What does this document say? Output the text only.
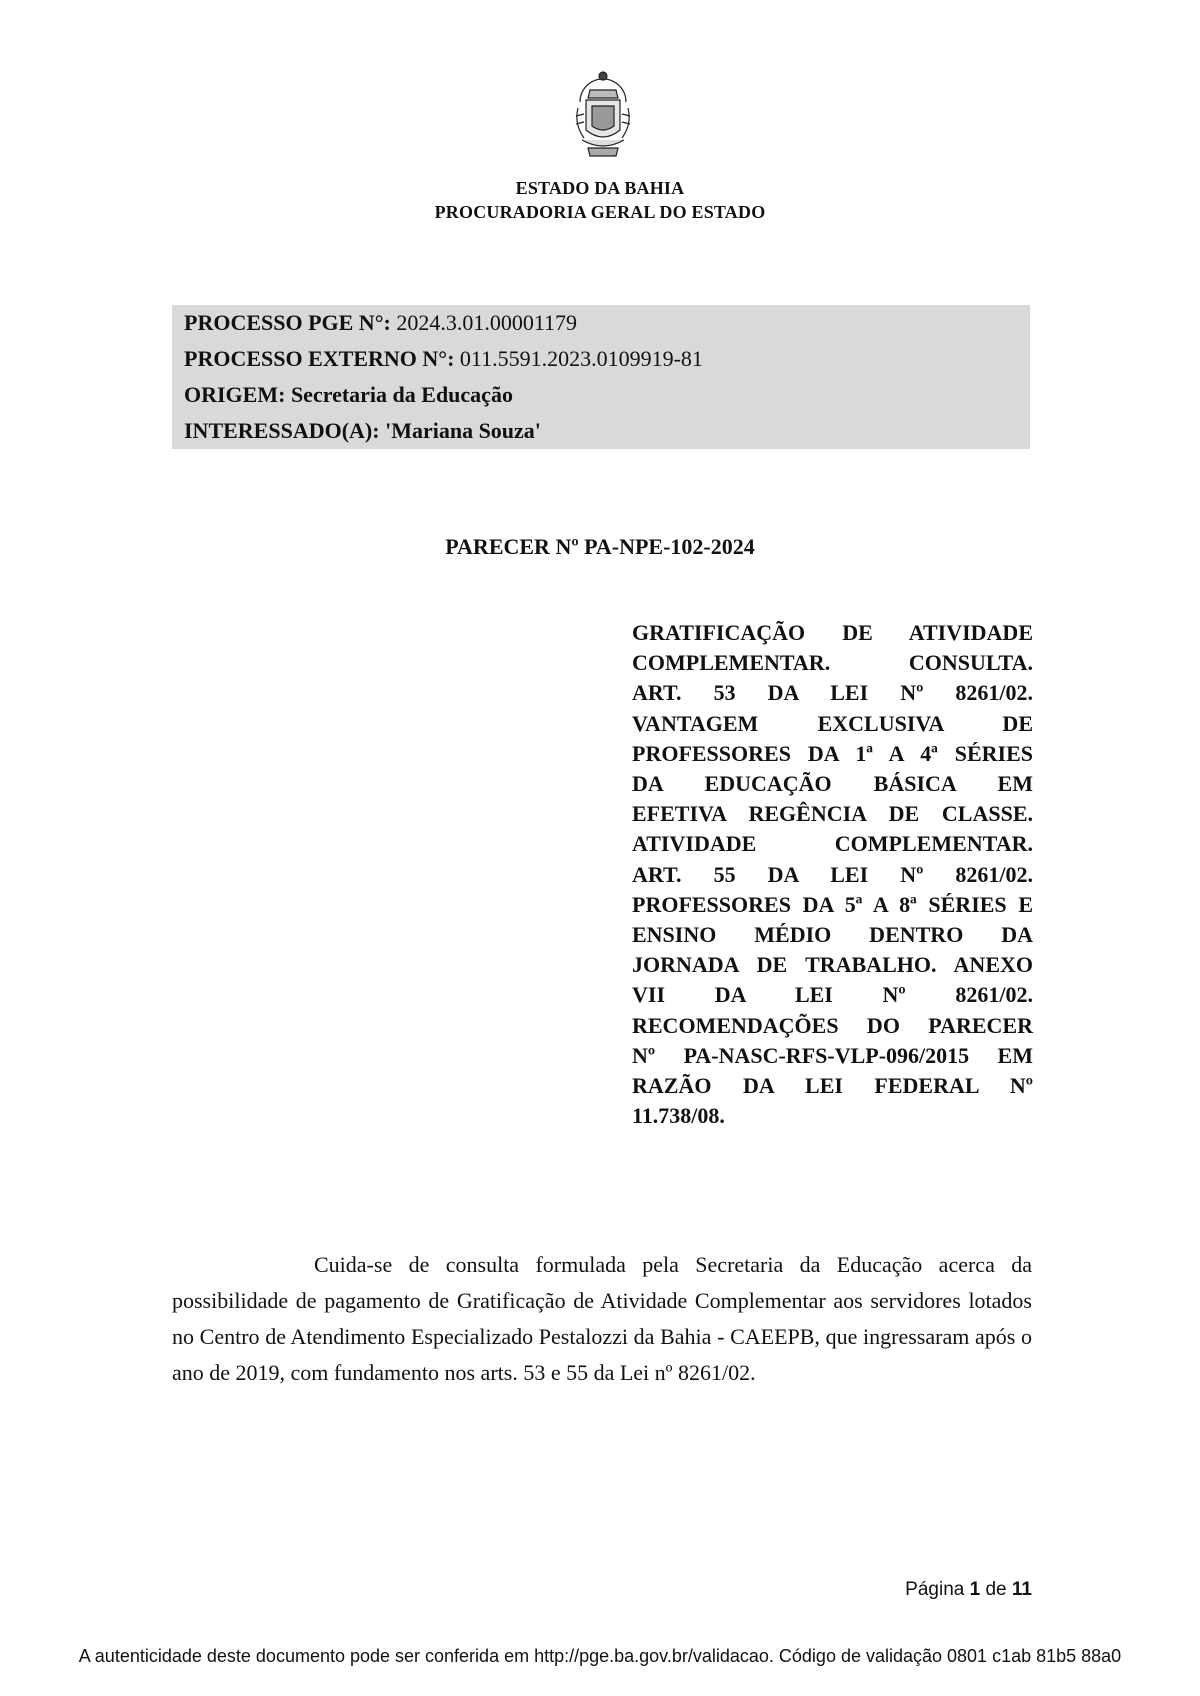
ESTADO DA BAHIA
PROCURADORIA GERAL DO ESTADO
PROCESSO PGE N°: 2024.3.01.00001179
PROCESSO EXTERNO N°: 011.5591.2023.0109919-81
ORIGEM: Secretaria da Educação
INTERESSADO(A): 'Mariana Souza'
PARECER Nº PA-NPE-102-2024
GRATIFICAÇÃO DE ATIVIDADE
COMPLEMENTAR. CONSULTA.
ART. 53 DA LEI Nº 8261/02.
VANTAGEM EXCLUSIVA DE
PROFESSORES DA 1ª A 4ª SÉRIES
DA EDUCAÇÃO BÁSICA EM
EFETIVA REGÊNCIA DE CLASSE.
ATIVIDADE COMPLEMENTAR.
ART. 55 DA LEI Nº 8261/02.
PROFESSORES DA 5ª A 8ª SÉRIES E
ENSINO MÉDIO DENTRO DA
JORNADA DE TRABALHO. ANEXO
VII DA LEI Nº 8261/02.
RECOMENDAÇÕES DO PARECER
Nº PA-NASC-RFS-VLP-096/2015 EM
RAZÃO DA LEI FEDERAL Nº
11.738/08.

Cuida-se de consulta formulada pela Secretaria da Educação acerca da possibilidade de pagamento de Gratificação de Atividade Complementar aos servidores lotados no Centro de Atendimento Especializado Pestalozzi da Bahia - CAEEPB, que ingressaram após o ano de 2019, com fundamento nos arts. 53 e 55 da Lei nº 8261/02.

Página 1 de 11
A autenticidade deste documento pode ser conferida em http://pge.ba.gov.br/validacao. Código de validação 0801 c1ab 81b5 88a0
